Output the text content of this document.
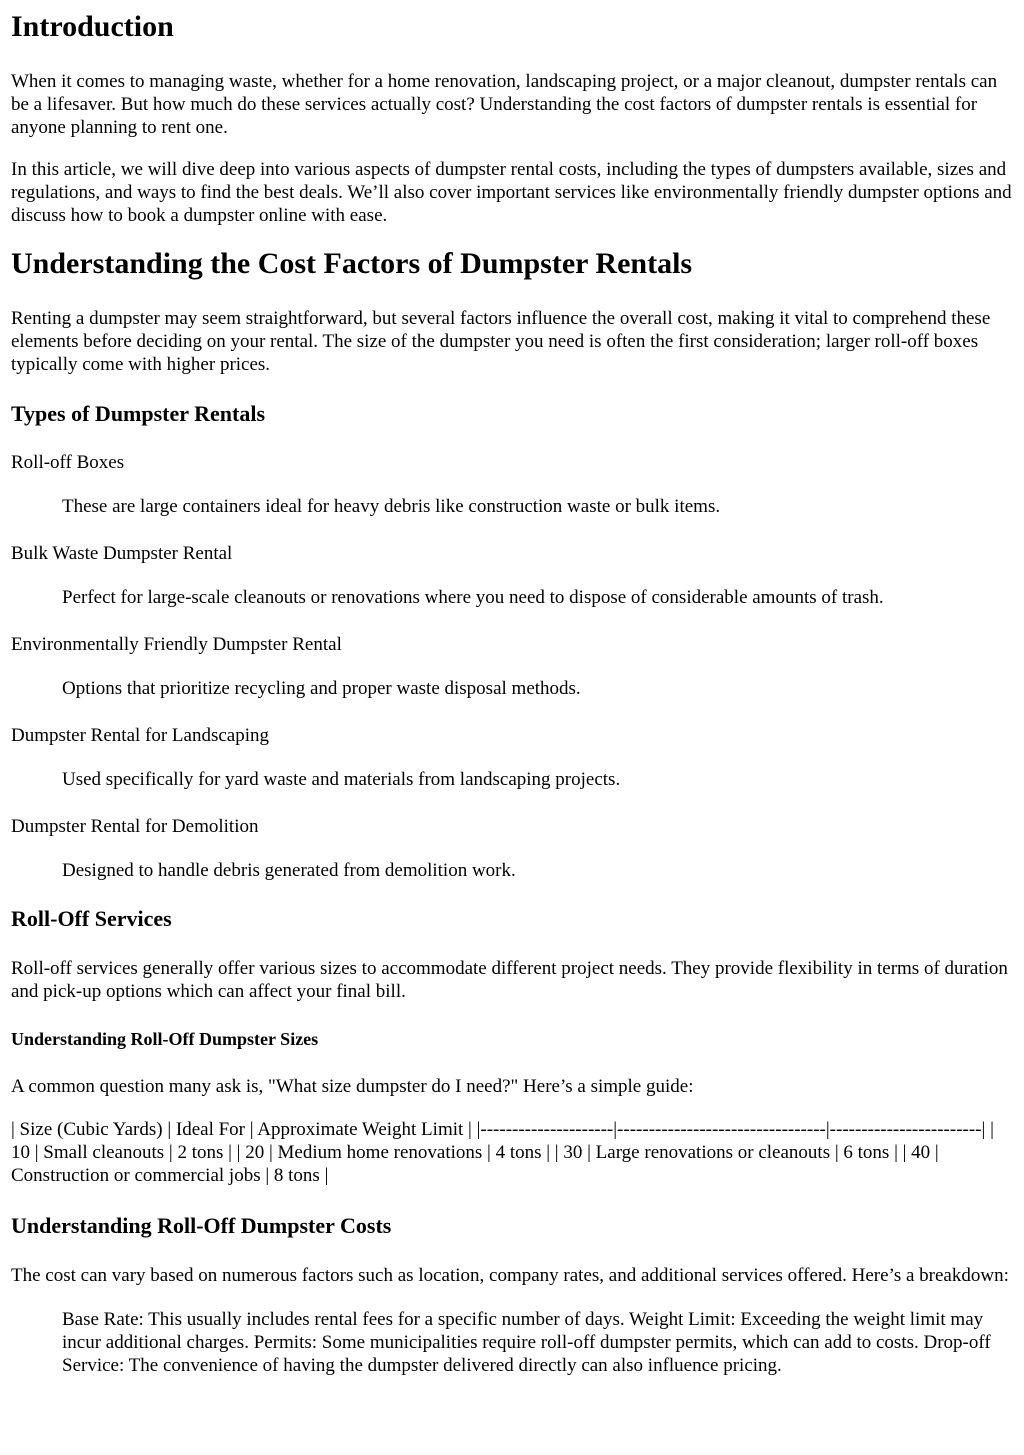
Introduction

When it comes to managing waste, whether for a home renovation, landscaping project, or a major cleanout, dumpster rentals can be a lifesaver. But how much do these services actually cost? Understanding the cost factors of dumpster rentals is essential for anyone planning to rent one.

In this article, we will dive deep into various aspects of dumpster rental costs, including the types of dumpsters available, sizes and regulations, and ways to find the best deals. We’ll also cover important services like environmentally friendly dumpster options and discuss how to book a dumpster online with ease.

Understanding the Cost Factors of Dumpster Rentals

Renting a dumpster may seem straightforward, but several factors influence the overall cost, making it vital to comprehend these elements before deciding on your rental. The size of the dumpster you need is often the first consideration; larger roll-off boxes typically come with higher prices.

Types of Dumpster Rentals

Roll-off Boxes

These are large containers ideal for heavy debris like construction waste or bulk items.

Bulk Waste Dumpster Rental

Perfect for large-scale cleanouts or renovations where you need to dispose of considerable amounts of trash.

Environmentally Friendly Dumpster Rental

Options that prioritize recycling and proper waste disposal methods.

Dumpster Rental for Landscaping

Used specifically for yard waste and materials from landscaping projects.

Dumpster Rental for Demolition

Designed to handle debris generated from demolition work.

Roll-Off Services

Roll-off services generally offer various sizes to accommodate different project needs. They provide flexibility in terms of duration and pick-up options which can affect your final bill.

Understanding Roll-Off Dumpster Sizes

A common question many ask is, "What size dumpster do I need?" Here’s a simple guide:

| Size (Cubic Yards) | Ideal For | Approximate Weight Limit | |---------------------|---------------------------------|------------------------| | 10 | Small cleanouts | 2 tons | | 20 | Medium home renovations | 4 tons | | 30 | Large renovations or cleanouts | 6 tons | | 40 | Construction or commercial jobs | 8 tons |

Understanding Roll-Off Dumpster Costs

The cost can vary based on numerous factors such as location, company rates, and additional services offered. Here’s a breakdown:

Base Rate: This usually includes rental fees for a specific number of days. Weight Limit: Exceeding the weight limit may incur additional charges. Permits: Some municipalities require roll-off dumpster permits, which can add to costs. Drop-off Service: The convenience of having the dumpster delivered directly can also influence pricing.
